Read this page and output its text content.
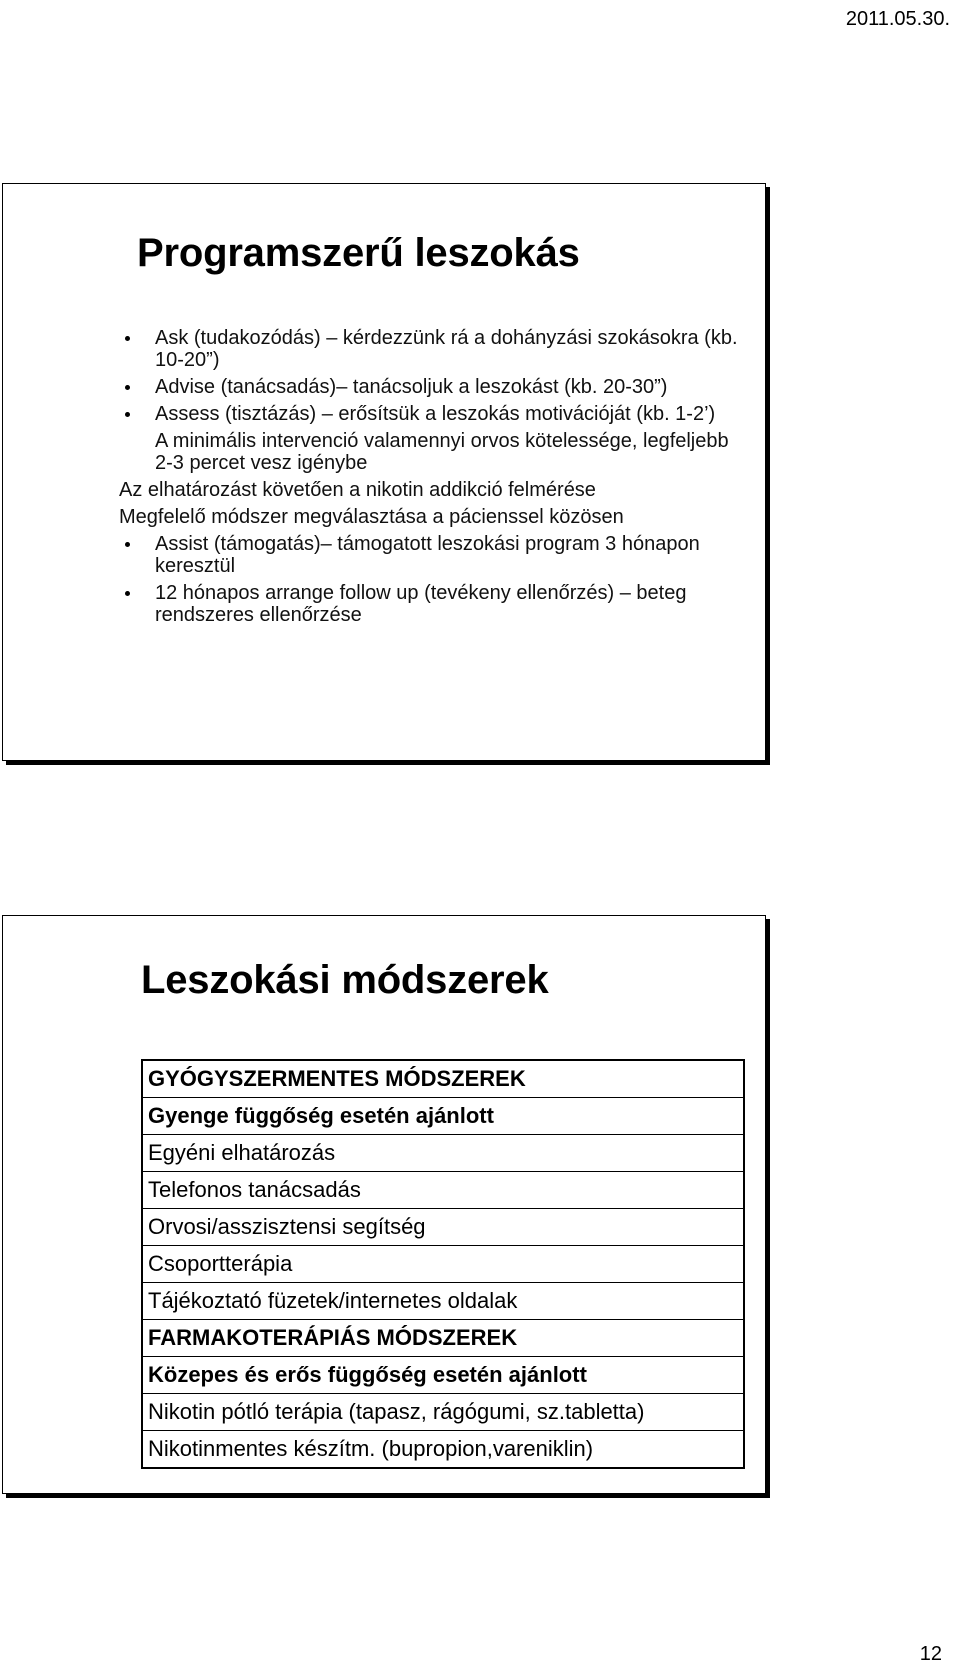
2011.05.30.
Programszerű leszokás
Ask (tudakozódás) – kérdezzünk rá a dohányzási szokásokra (kb. 10-20”)
Advise (tanácsadás)– tanácsoljuk a leszokást (kb. 20-30”)
Assess (tisztázás) – erősítsük a leszokás motivációját (kb. 1-2’)
A minimális intervenció valamennyi orvos kötelessége, legfeljebb 2-3 percet vesz igénybe
Az elhatározást követően a nikotin addikció felmérése
Megfelelő módszer megválasztása a pácienssel közösen
Assist (támogatás)– támogatott leszokási program 3 hónapon keresztül
12 hónapos arrange follow up (tevékeny ellenőrzés) – beteg rendszeres ellenőrzése
Leszokási módszerek
GYÓGYSZERMENTES MÓDSZEREK
Gyenge függőség esetén ajánlott
Egyéni elhatározás
Telefonos tanácsadás
Orvosi/asszisztensi segítség
Csoportterápia
Tájékoztató füzetek/internetes oldalak
FARMAKOTERÁPIÁS MÓDSZEREK
Közepes és erős függőség esetén ajánlott
Nikotin pótló terápia (tapasz, rágógumi, sz.tabletta)
Nikotinmentes készítm. (bupropion,vareniklin)
12
